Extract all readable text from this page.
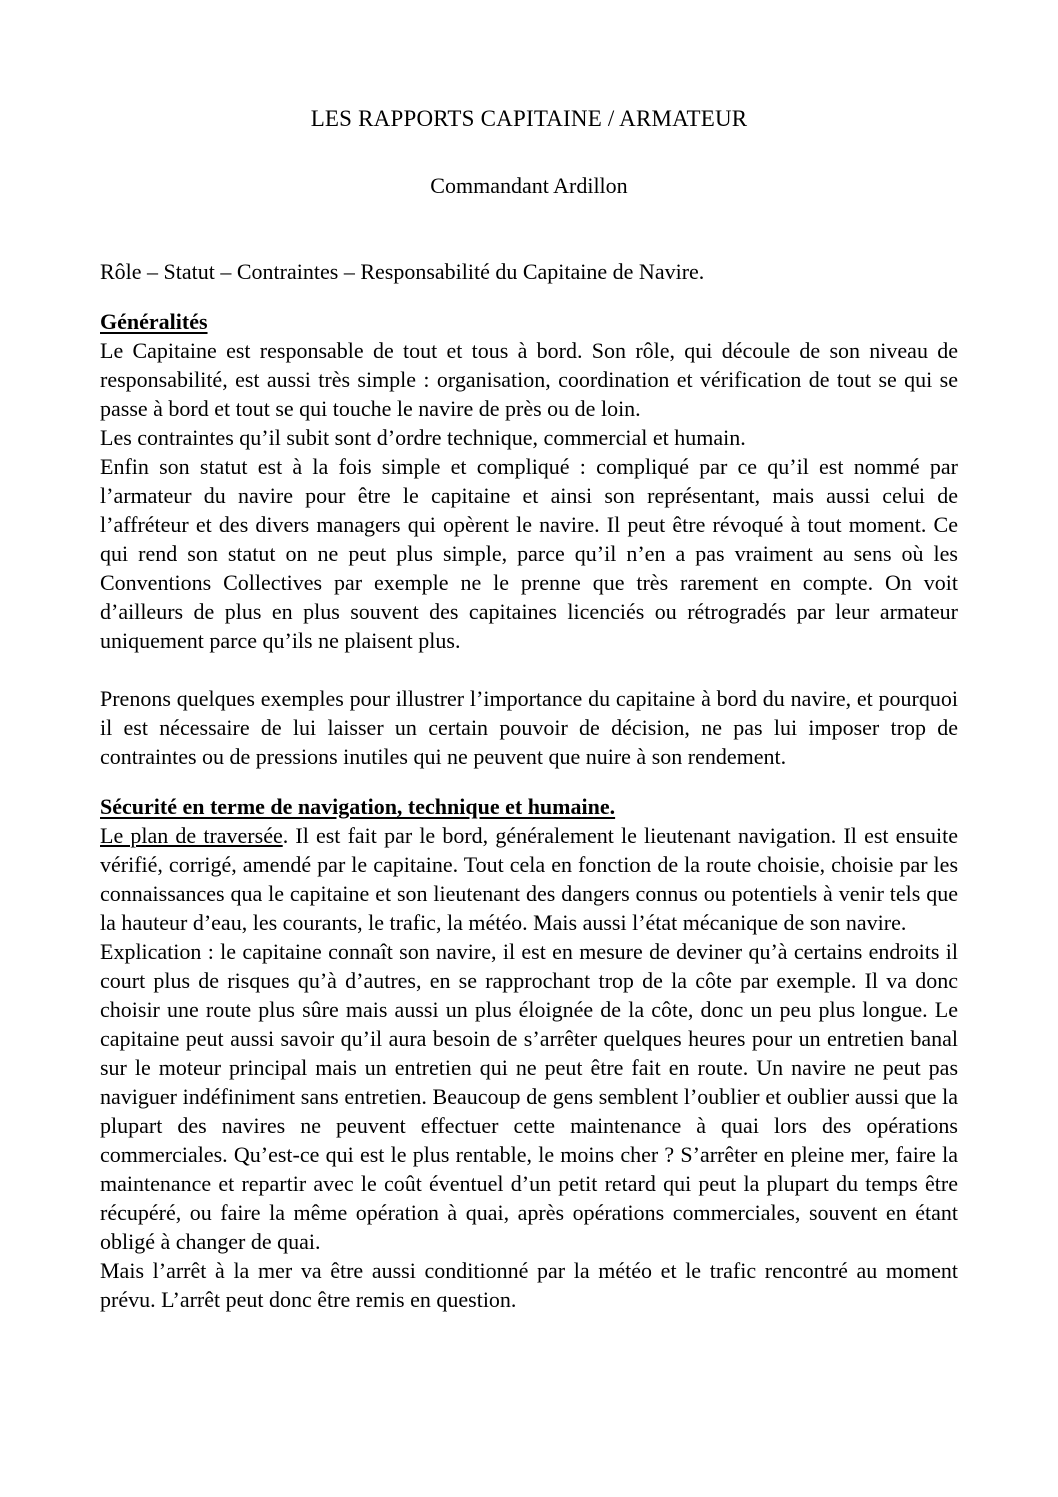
LES RAPPORTS CAPITAINE / ARMATEUR
Commandant Ardillon

Rôle – Statut – Contraintes – Responsabilité du Capitaine de Navire.

Généralités

Le Capitaine est responsable de tout et tous à bord. Son rôle, qui découle de son niveau de responsabilité, est aussi très simple : organisation, coordination et vérification de tout se qui se passe à bord et tout se qui touche le navire de près ou de loin.

Les contraintes qu’il subit sont d’ordre technique, commercial et humain.

Enfin son statut est à la fois simple et compliqué : compliqué par ce qu’il est nommé par l’armateur du navire pour être le capitaine et ainsi son représentant, mais aussi celui de l’affréteur et des divers managers qui opèrent le navire. Il peut être révoqué à tout moment. Ce qui rend son statut on ne peut plus simple, parce qu’il n’en a pas vraiment au sens où les Conventions Collectives par exemple ne le prenne que très rarement en compte. On voit d’ailleurs de plus en plus souvent des capitaines licenciés ou rétrogradés par leur armateur uniquement parce qu’ils ne plaisent plus.

Prenons quelques exemples pour illustrer l’importance du capitaine à bord du navire, et pourquoi il est nécessaire de lui laisser un certain pouvoir de décision, ne pas lui imposer trop de contraintes ou de pressions inutiles qui ne peuvent que nuire à son rendement.

Sécurité en terme de navigation, technique et humaine.

Le plan de traversée. Il est fait par le bord, généralement le lieutenant navigation. Il est ensuite vérifié, corrigé, amendé par le capitaine. Tout cela en fonction de la route choisie, choisie par les connaissances qua le capitaine et son lieutenant des dangers connus ou potentiels à venir tels que la hauteur d’eau, les courants, le trafic, la météo. Mais aussi l’état mécanique de son navire.

Explication : le capitaine connaît son navire, il est en mesure de deviner qu’à certains endroits il court plus de risques qu’à d’autres, en se rapprochant trop de la côte par exemple. Il va donc choisir une route plus sûre mais aussi un plus éloignée de la côte, donc un peu plus longue. Le capitaine peut aussi savoir qu’il aura besoin de s’arrêter quelques heures pour un entretien banal sur le moteur principal mais un entretien qui ne peut être fait en route. Un navire ne peut pas naviguer indéfiniment sans entretien. Beaucoup de gens semblent l’oublier et oublier aussi que la plupart des navires ne peuvent effectuer cette maintenance à quai lors des opérations commerciales. Qu’est-ce qui est le plus rentable, le moins cher ? S’arrêter en pleine mer, faire la maintenance et repartir avec le coût éventuel d’un petit retard qui peut la plupart du temps être récupéré, ou faire la même opération à quai, après opérations commerciales, souvent en étant obligé à changer de quai.

Mais l’arrêt à la mer va être aussi conditionné par la météo et le trafic rencontré au moment prévu. L’arrêt peut donc être remis en question.
